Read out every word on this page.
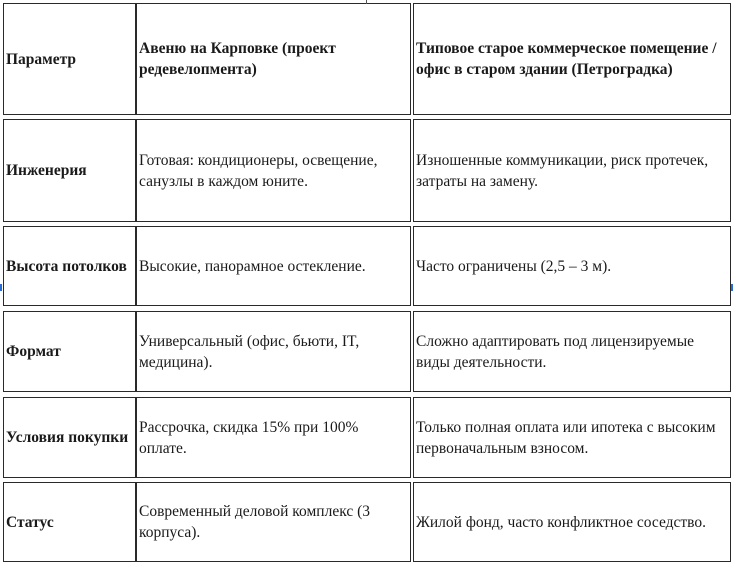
Параметр
Авеню на Карповке (проект редевелопмента)
Типовое старое коммерческое помещение / офис в старом здании (Петроградка)
Инженерия
Готовая: кондиционеры, освещение, санузлы в каждом юните.
Изношенные коммуникации, риск протечек, затраты на замену.
Высота потолков Высокие, панорамное остекление.	Часто ограничены (2,5 – 3 м).
Формат
Универсальный (офис, бьюти, IT, медицина).
Сложно адаптировать под лицензируемые виды деятельности.
Условия покупки
Рассрочка, скидка 15% при 100% оплате.
Только полная оплата или ипотека с высоким первоначальным взносом.
Статус
Современный деловой комплекс (3 корпуса).
Жилой фонд, часто конфликтное соседство.
